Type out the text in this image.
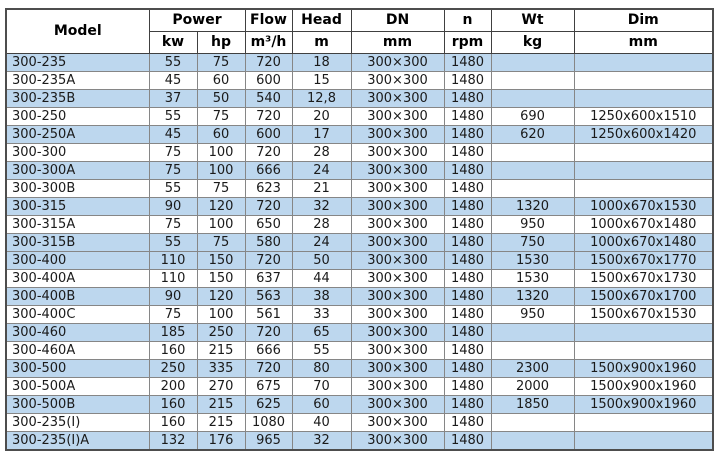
Model	Power		Flow	Head	DN	n	Wt	Dim
	kw	hp	m³/h	m	mm	rpm	kg	mm
300-235	55	75	720	18	300×300	1480		
300-235A	45	60	600	15	300×300	1480		
300-235B	37	50	540	12,8	300×300	1480		
300-250	55	75	720	20	300×300	1480	690	1250x600x1510
300-250A	45	60	600	17	300×300	1480	620	1250x600x1420
300-300	75	100	720	28	300×300	1480		
300-300A	75	100	666	24	300×300	1480		
300-300B	55	75	623	21	300×300	1480		
300-315	90	120	720	32	300×300	1480	1320	1000x670x1530
300-315A	75	100	650	28	300×300	1480	950	1000x670x1480
300-315B	55	75	580	24	300×300	1480	750	1000x670x1480
300-400	110	150	720	50	300×300	1480	1530	1500x670x1770
300-400A	110	150	637	44	300×300	1480	1530	1500x670x1730
300-400B	90	120	563	38	300×300	1480	1320	1500x670x1700
300-400C	75	100	561	33	300×300	1480	950	1500x670x1530
300-460	185	250	720	65	300×300	1480		
300-460A	160	215	666	55	300×300	1480		
300-500	250	335	720	80	300×300	1480	2300	1500x900x1960
300-500A	200	270	675	70	300×300	1480	2000	1500x900x1960
300-500B	160	215	625	60	300×300	1480	1850	1500x900x1960
300-235(I)	160	215	1080	40	300×300	1480		
300-235(I)A	132	176	965	32	300×300	1480		
